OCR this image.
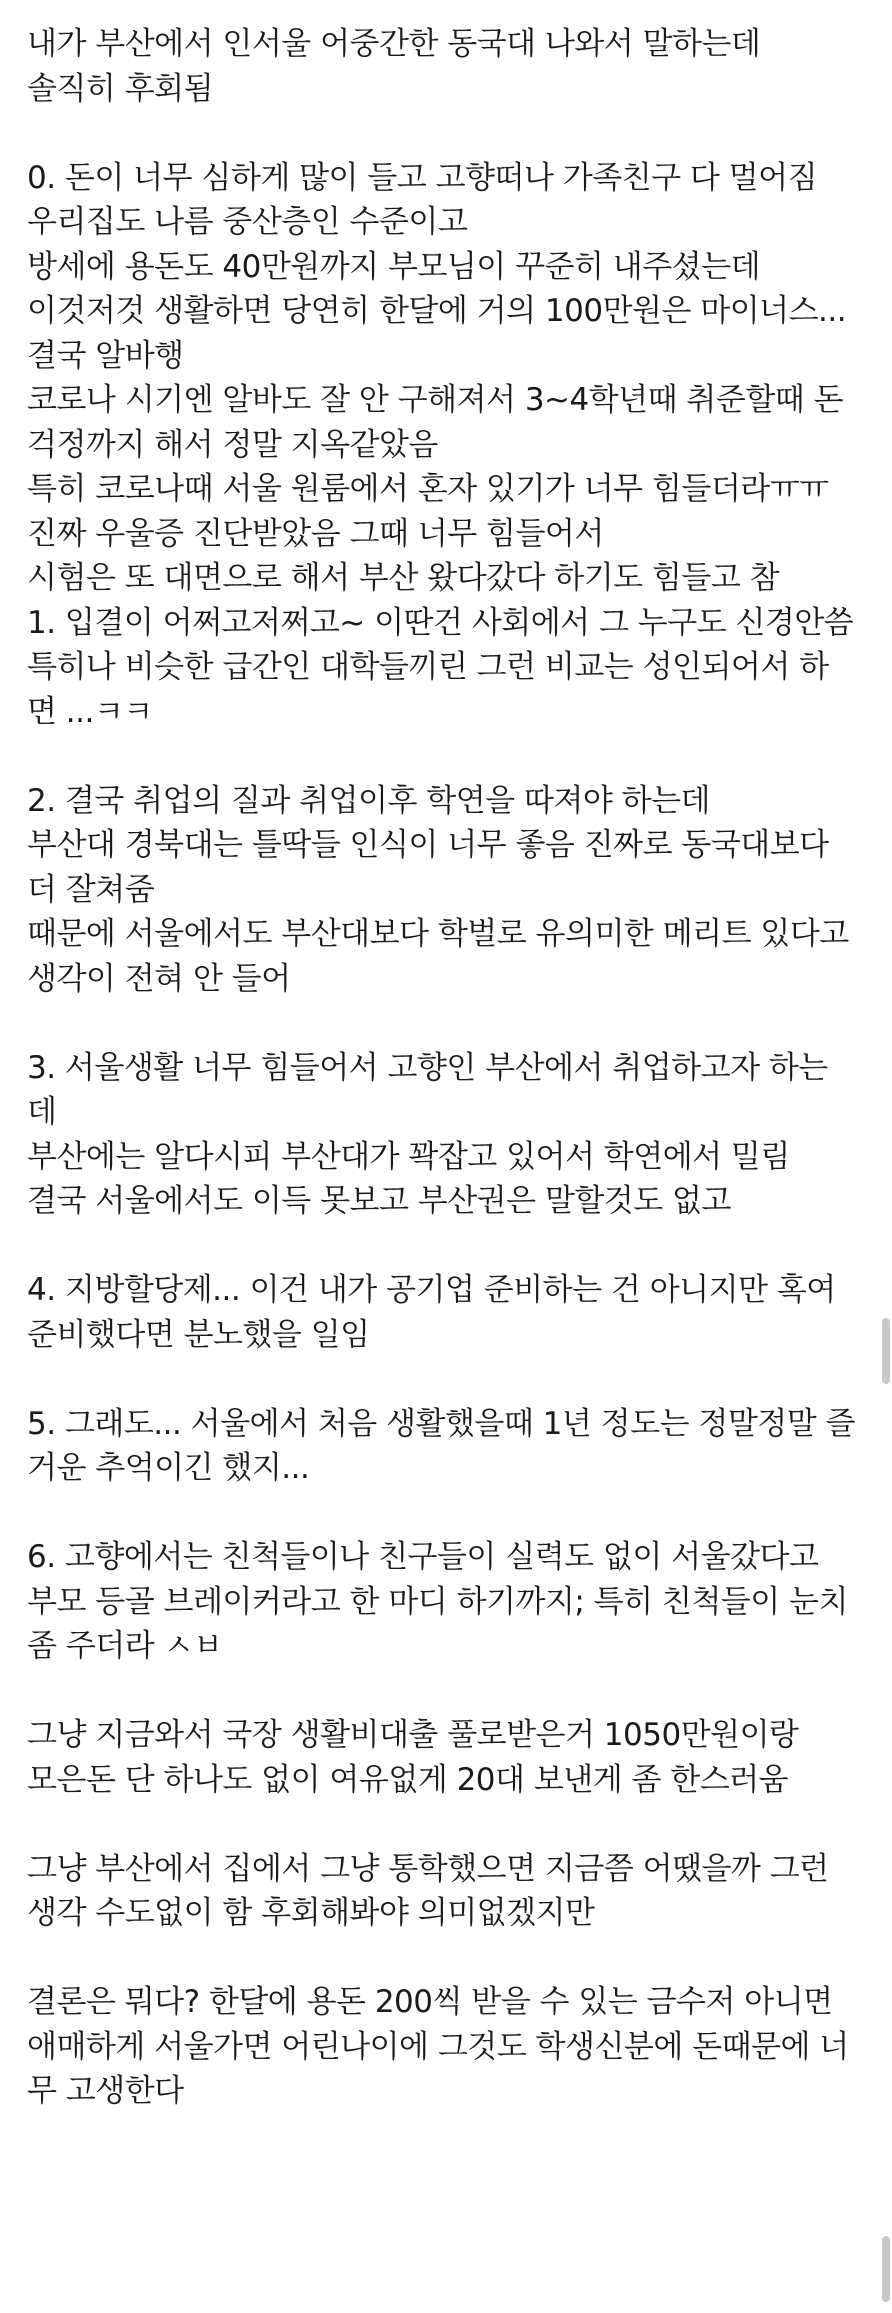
내가 부산에서 인서울 어중간한 동국대 나와서 말하는데
솔직히 후회됨
0. 돈이 너무 심하게 많이 들고 고향떠나 가족친구 다 멀어짐
우리집도 나름 중산층인 수준이고
방세에 용돈도 40만원까지 부모님이 꾸준히 내주셨는데
이것저것 생활하면 당연히 한달에 거의 100만원은 마이너스...
결국 알바행
코로나 시기엔 알바도 잘 안 구해져서 3~4학년때 취준할때 돈
걱정까지 해서 정말 지옥같았음
특히 코로나때 서울 원룸에서 혼자 있기가 너무 힘들더라ㅠㅠ
진짜 우울증 진단받았음 그때 너무 힘들어서
시험은 또 대면으로 해서 부산 왔다갔다 하기도 힘들고 참
1. 입결이 어쩌고저쩌고~ 이딴건 사회에서 그 누구도 신경안씀
특히나 비슷한 급간인 대학들끼린 그런 비교는 성인되어서 하
면 ...ㅋㅋ
2. 결국 취업의 질과 취업이후 학연을 따져야 하는데
부산대 경북대는 틀딱들 인식이 너무 좋음 진짜로 동국대보다
더 잘쳐줌
때문에 서울에서도 부산대보다 학벌로 유의미한 메리트 있다고
생각이 전혀 안 들어
3. 서울생활 너무 힘들어서 고향인 부산에서 취업하고자 하는
데
부산에는 알다시피 부산대가 꽉잡고 있어서 학연에서 밀림
결국 서울에서도 이득 못보고 부산권은 말할것도 없고
4. 지방할당제... 이건 내가 공기업 준비하는 건 아니지만 혹여
준비했다면 분노했을 일임
5. 그래도... 서울에서 처음 생활했을때 1년 정도는 정말정말 즐
거운 추억이긴 했지...
6. 고향에서는 친척들이나 친구들이 실력도 없이 서울갔다고
부모 등골 브레이커라고 한 마디 하기까지; 특히 친척들이 눈치
좀 주더라 ㅅㅂ
그냥 지금와서 국장 생활비대출 풀로받은거 1050만원이랑
모은돈 단 하나도 없이 여유없게 20대 보낸게 좀 한스러움
그냥 부산에서 집에서 그냥 통학했으면 지금쯤 어땠을까 그런
생각 수도없이 함 후회해봐야 의미없겠지만
결론은 뭐다? 한달에 용돈 200씩 받을 수 있는 금수저 아니면
애매하게 서울가면 어린나이에 그것도 학생신분에 돈때문에 너
무 고생한다
